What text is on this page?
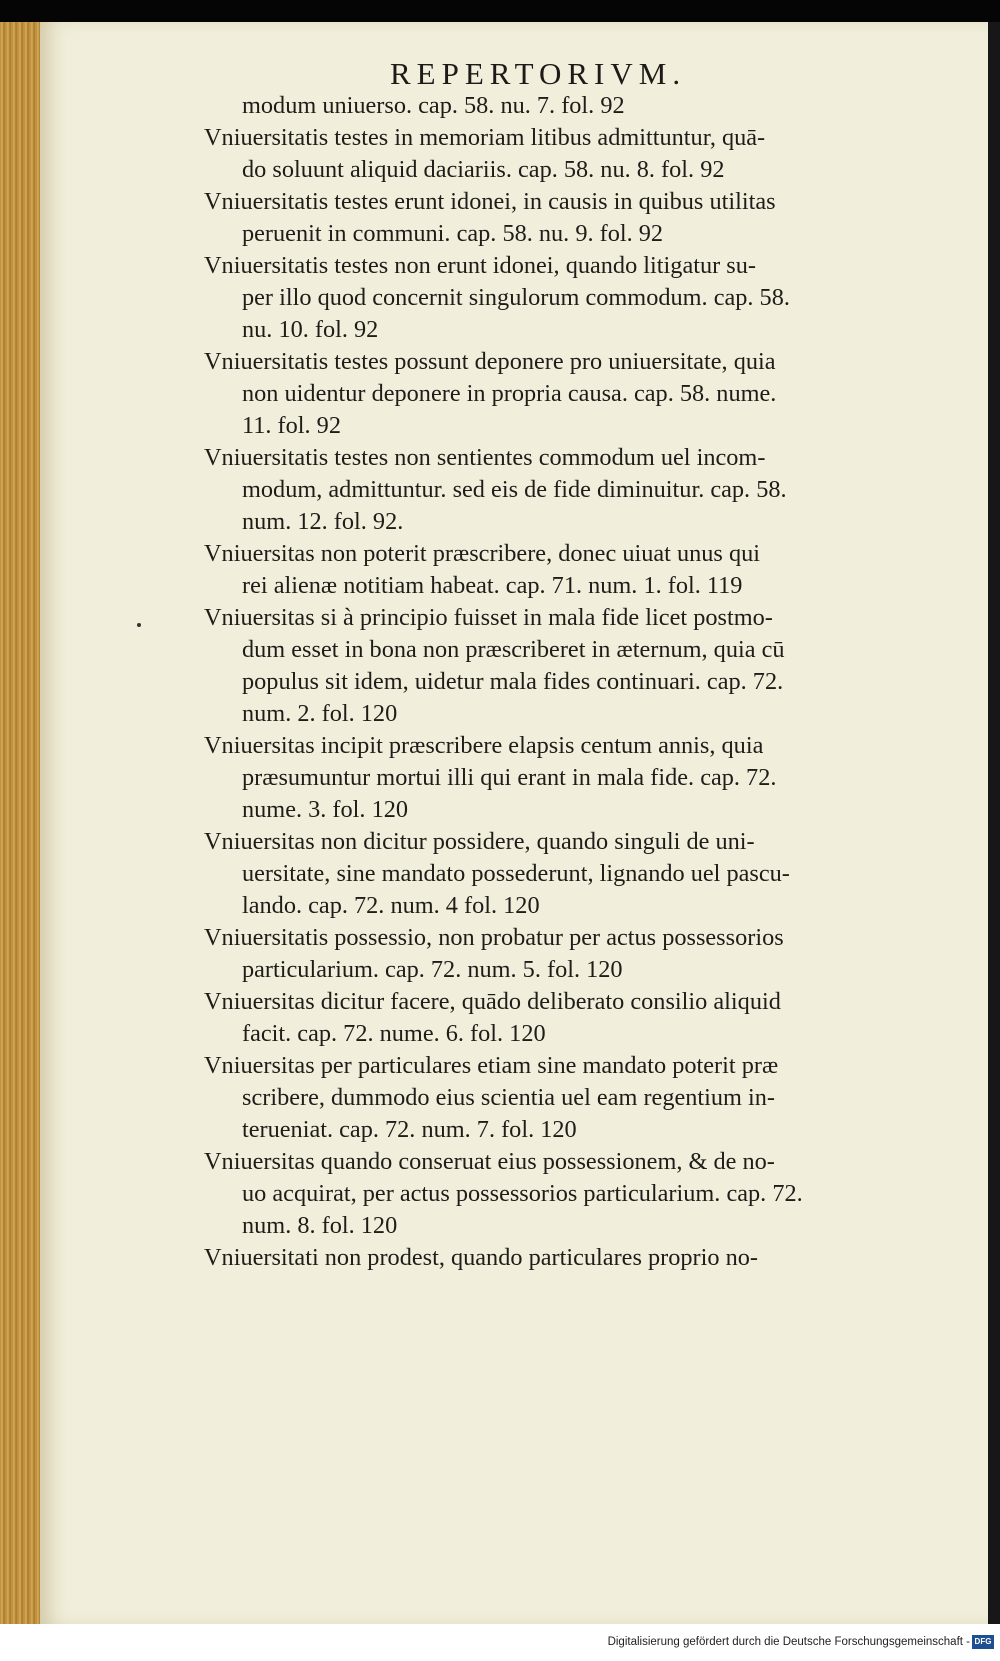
REPERTORIVM.
modum uniuerso. cap. 58. nu. 7. fol. 92
Vniuersitatis testes in memoriam litibus admittuntur, quā-
do soluunt aliquid daciariis. cap. 58. nu. 8. fol. 92
Vniuersitatis testes erunt idonei, in causis in quibus utilitas
peruenit in communi. cap. 58. nu. 9. fol. 92
Vniuersitatis testes non erunt idonei, quando litigatur su-
per illo quod concernit singulorum commodum. cap. 58.
nu. 10. fol. 92
Vniuersitatis testes possunt deponere pro uniuersitate, quia
non uidentur deponere in propria causa. cap. 58. nume.
11. fol. 92
Vniuersitatis testes non sentientes commodum uel incom-
modum, admittuntur. sed eis de fide diminuitur. cap. 58.
num. 12. fol. 92.
Vniuersitas non poterit præscribere, donec uiuat unus qui
rei alienæ notitiam habeat. cap. 71. num. 1. fol. 119
Vniuersitas si à principio fuisset in mala fide licet postmo-
dum esset in bona non præscriberet in æternum, quia cū
populus sit idem, uidetur mala fides continuari. cap. 72.
num. 2. fol. 120
Vniuersitas incipit præscribere elapsis centum annis, quia
præsumuntur mortui illi qui erant in mala fide. cap. 72.
nume. 3. fol. 120
Vniuersitas non dicitur possidere, quando singuli de uni-
uersitate, sine mandato possederunt, lignando uel pascu-
lando. cap. 72. num. 4 fol. 120
Vniuersitatis possessio, non probatur per actus possessorios
particularium. cap. 72. num. 5. fol. 120
Vniuersitas dicitur facere, quādo deliberato consilio aliquid
facit. cap. 72. nume. 6. fol. 120
Vniuersitas per particulares etiam sine mandato poterit præ
scribere, dummodo eius scientia uel eam regentium in-
terueniat. cap. 72. num. 7. fol. 120
Vniuersitas quando conseruat eius possessionem, & de no-
uo acquirat, per actus possessorios particularium. cap. 72.
num. 8. fol. 120
Vniuersitati non prodest, quando particulares proprio no-
Digitalisierung gefördert durch die Deutsche Forschungsgemeinschaft - DFG
